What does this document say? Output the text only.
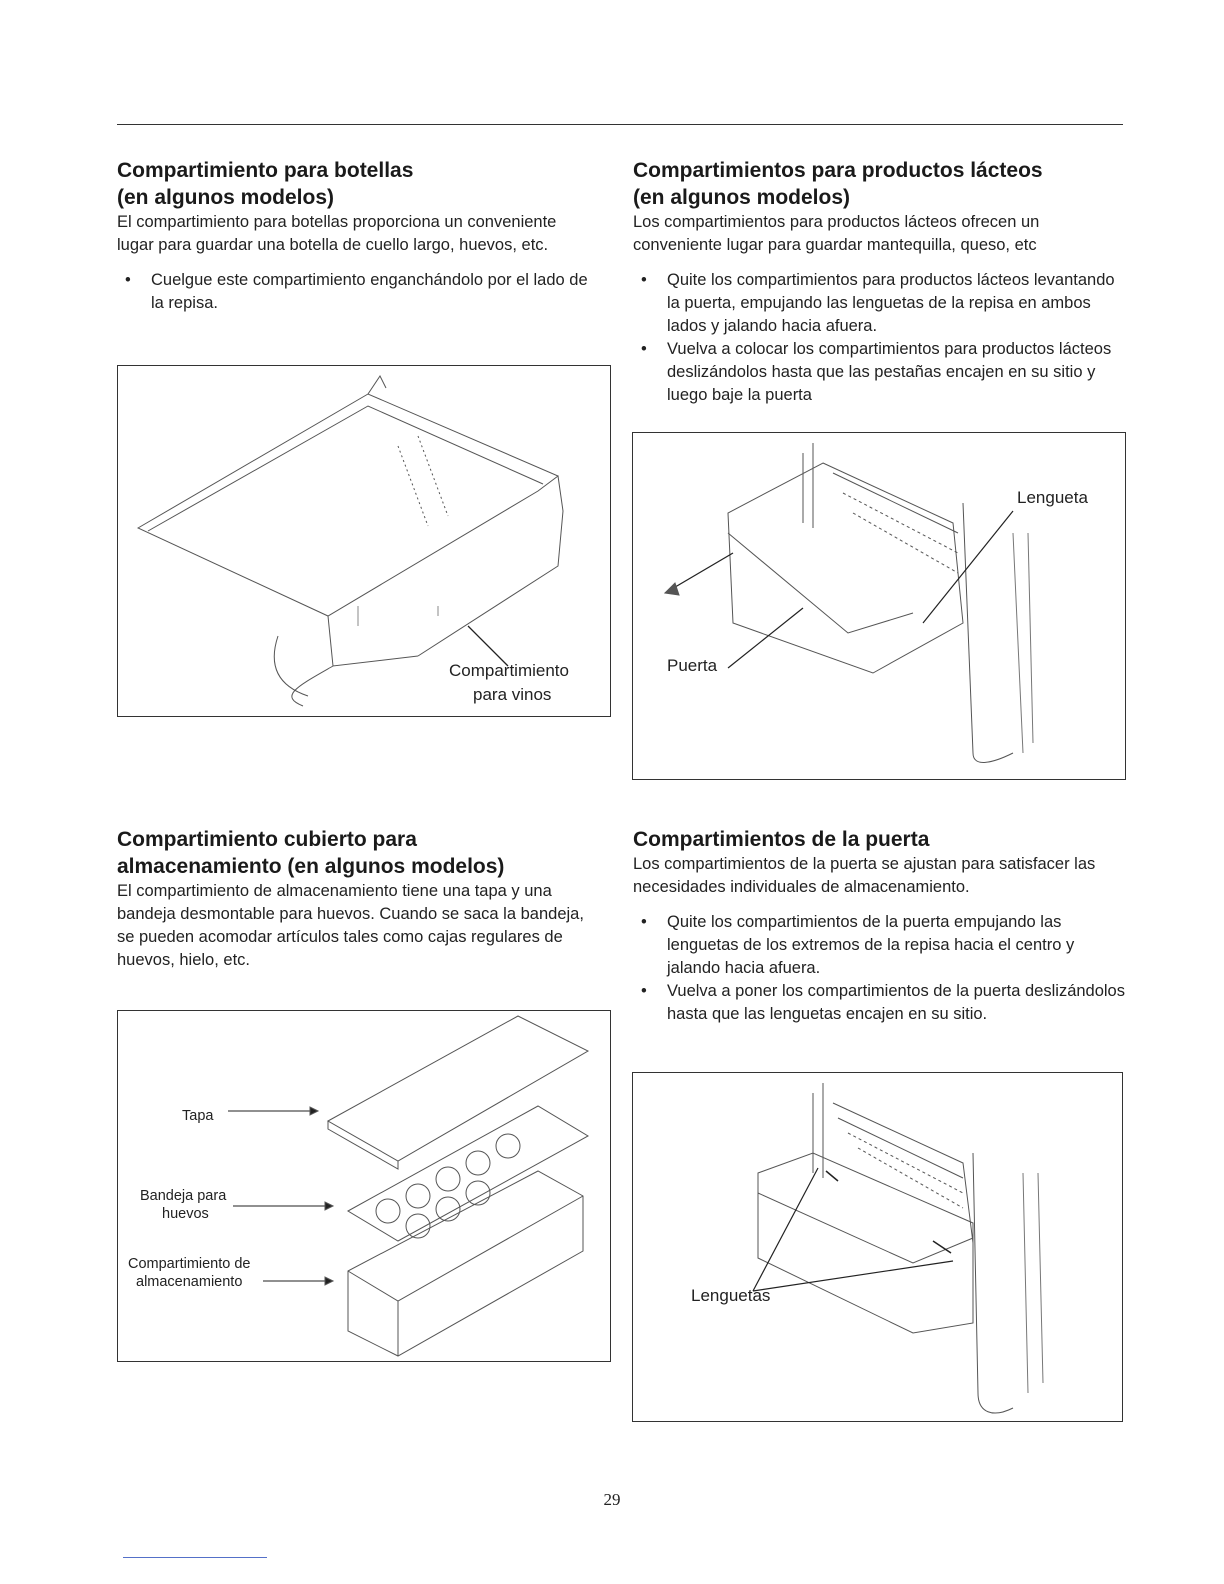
Compartimiento para botellas
(en algunos modelos)

El compartimiento para botellas proporciona un conveniente lugar para guardar una botella de cuello largo, huevos, etc.

• Cuelgue este compartimiento enganchándolo por el lado de la repisa.
Compartimiento
para vinos
Compartimientos para productos lácteos
(en algunos modelos)

Los compartimientos para productos lácteos ofrecen un conveniente lugar para guardar mantequilla, queso, etc

• Quite los compartimientos para productos lácteos levantando la puerta, empujando las lenguetas de la repisa en ambos lados y jalando hacia afuera.
• Vuelva a colocar los compartimientos para productos lácteos deslizándolos hasta que las pestañas encajen en su sitio y luego baje la puerta
Lengueta
Puerta
Compartimiento cubierto para
almacenamiento (en algunos modelos)

El compartimiento de almacenamiento tiene una tapa y una bandeja desmontable para huevos. Cuando se saca la bandeja, se pueden acomodar artículos tales como cajas regulares de huevos, hielo, etc.

Tapa
Bandeja para
huevos
Compartimiento de
almacenamiento
Compartimientos de la puerta

Los compartimientos de la puerta se ajustan para satisfacer las necesidades individuales de almacenamiento.

• Quite los compartimientos de la puerta empujando las lenguetas de los extremos de la repisa hacia el centro y jalando hacia afuera.
• Vuelva a poner los compartimientos de la puerta deslizándolos hasta que las lenguetas encajen en su sitio.
Lenguetas
29
